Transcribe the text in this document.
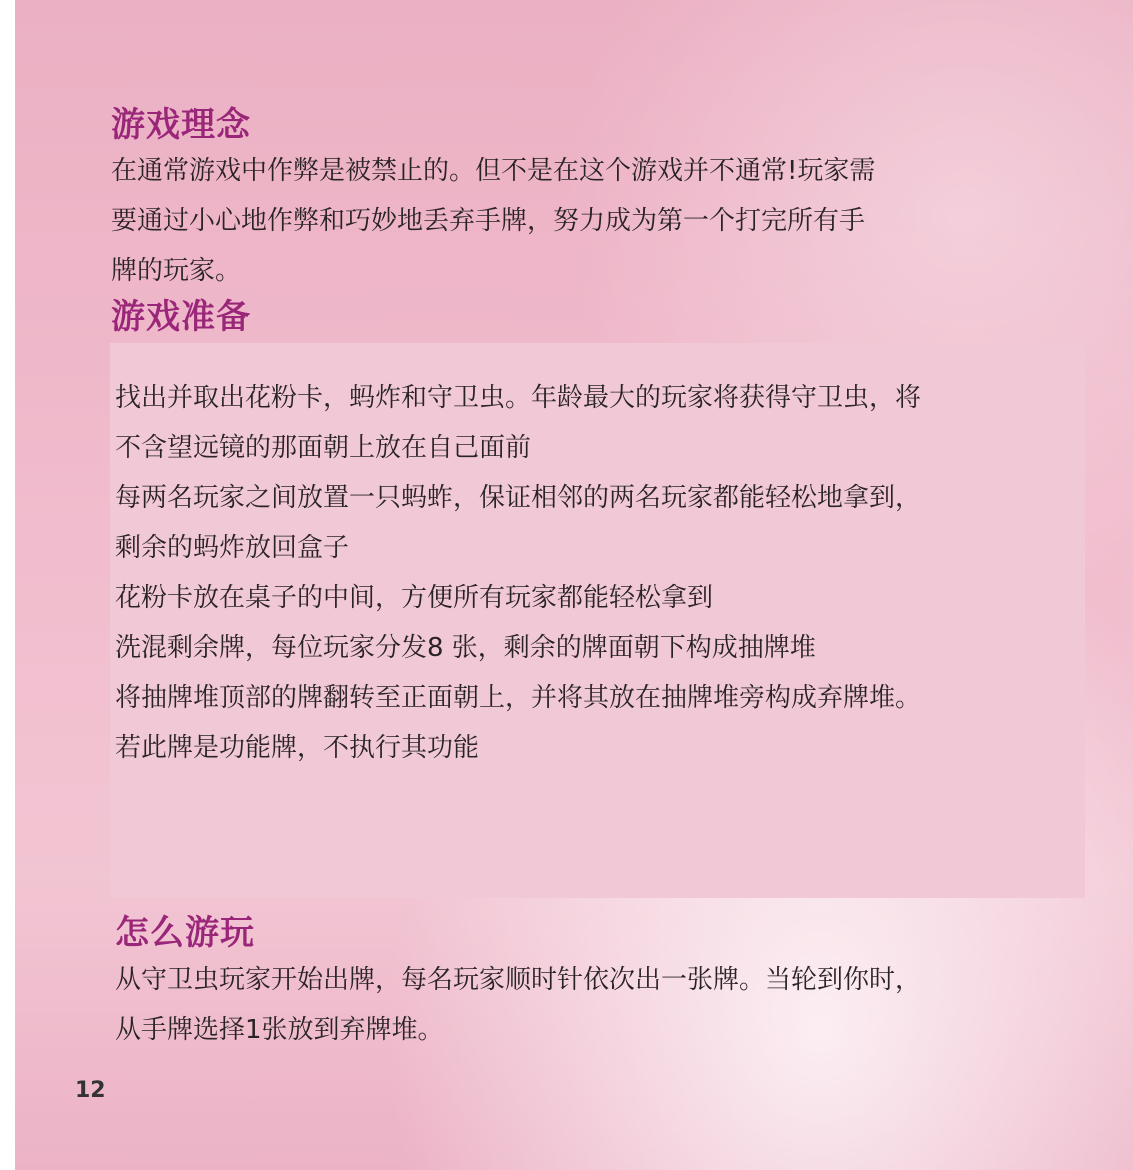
游戏理念

在通常游戏中作弊是被禁止的。但不是在这个游戏并不通常!玩家需
要通过小心地作弊和巧妙地丢弃手牌，努力成为第一个打完所有手
牌的玩家。

游戏准备
找出并取出花粉卡，蚂炸和守卫虫。年龄最大的玩家将获得守卫虫，将
不含望远镜的那面朝上放在自己面前
每两名玩家之间放置一只蚂蚱，保证相邻的两名玩家都能轻松地拿到，
剩余的蚂炸放回盒子
花粉卡放在桌子的中间，方便所有玩家都能轻松拿到
洗混剩余牌，每位玩家分发8 张，剩余的牌面朝下构成抽牌堆
将抽牌堆顶部的牌翻转至正面朝上，并将其放在抽牌堆旁构成弃牌堆。
若此牌是功能牌，不执行其功能
怎么游玩

从守卫虫玩家开始出牌，每名玩家顺时针依次出一张牌。当轮到你时，
从手牌选择1张放到弃牌堆。

12
